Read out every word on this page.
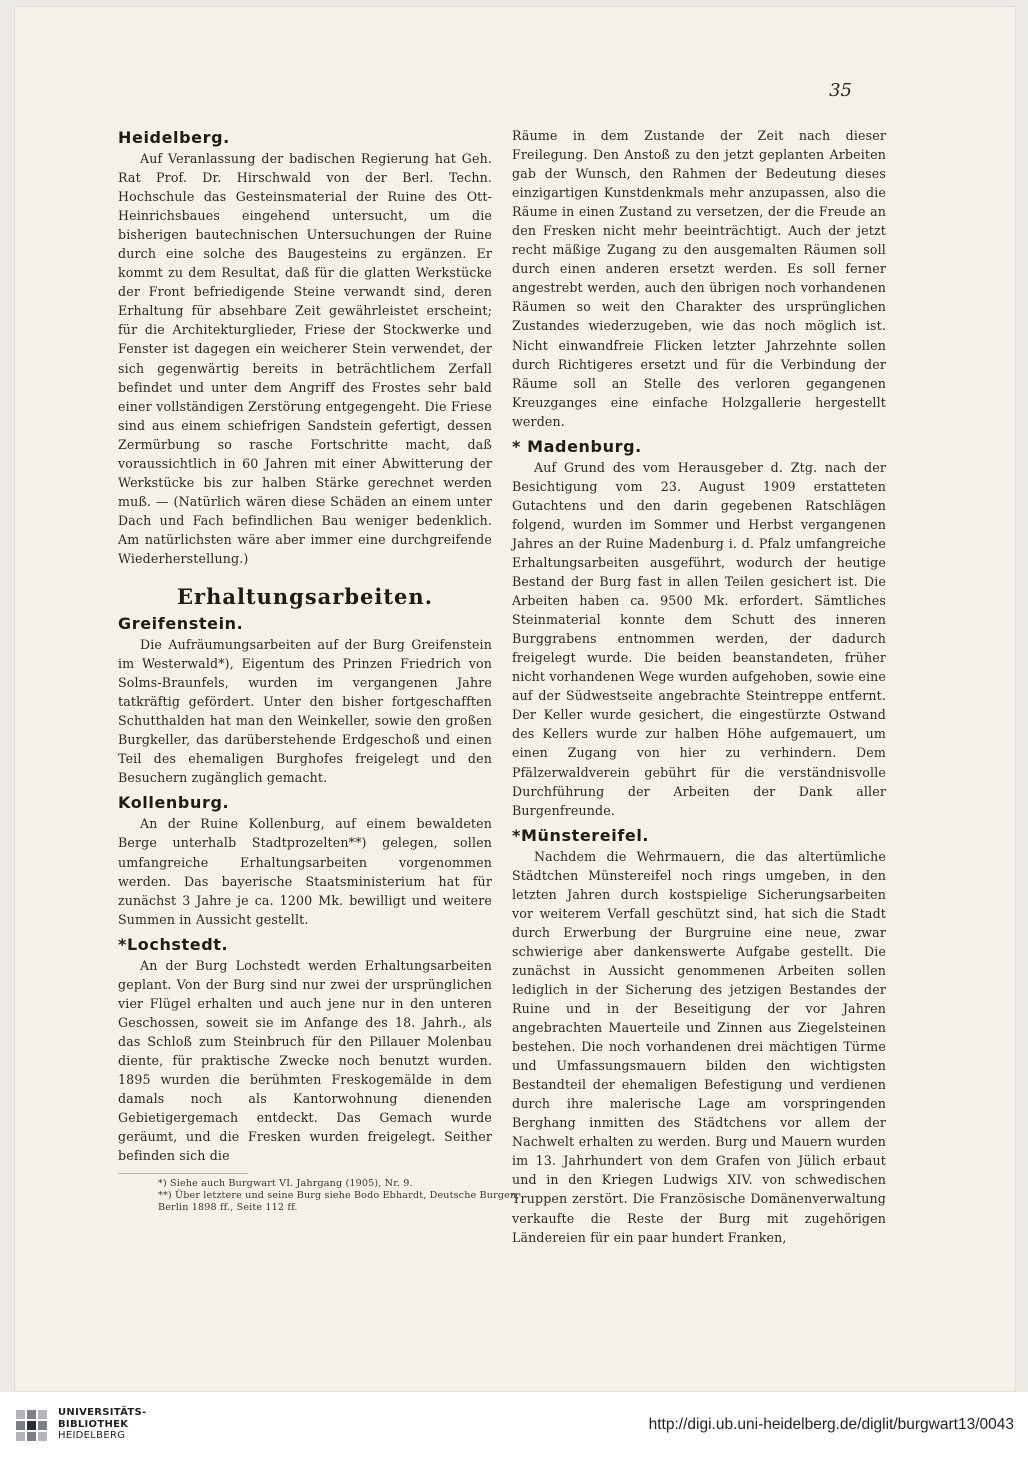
35
Heidelberg.

Auf Veranlassung der badischen Regierung hat Geh. Rat Prof. Dr. Hirschwald von der Berl. Techn. Hochschule das Gesteinsmaterial der Ruine des Ott-Heinrichsbaues eingehend untersucht, um die bisherigen bautechnischen Untersuchungen der Ruine durch eine solche des Baugesteins zu ergänzen. Er kommt zu dem Resultat, daß für die glatten Werkstücke der Front befriedigende Steine verwandt sind, deren Erhaltung für absehbare Zeit gewährleistet erscheint; für die Architekturglieder, Friese der Stockwerke und Fenster ist dagegen ein weicherer Stein verwendet, der sich gegenwärtig bereits in beträchtlichem Zerfall befindet und unter dem Angriff des Frostes sehr bald einer vollständigen Zerstörung entgegengeht. Die Friese sind aus einem schiefrigen Sandstein gefertigt, dessen Zermürbung so rasche Fortschritte macht, daß voraussichtlich in 60 Jahren mit einer Abwitterung der Werkstücke bis zur halben Stärke gerechnet werden muß. — (Natürlich wären diese Schäden an einem unter Dach und Fach befindlichen Bau weniger bedenklich. Am natürlichsten wäre aber immer eine durchgreifende Wiederherstellung.)

Erhaltungsarbeiten.
Greifenstein.

Die Aufräumungsarbeiten auf der Burg Greifenstein im Westerwald*), Eigentum des Prinzen Friedrich von Solms-Braunfels, wurden im vergangenen Jahre tatkräftig gefördert. Unter den bisher fortgeschafften Schutthalden hat man den Weinkeller, sowie den großen Burgkeller, das darüberstehende Erdgeschoß und einen Teil des ehemaligen Burghofes freigelegt und den Besuchern zugänglich gemacht.

Kollenburg.

An der Ruine Kollenburg, auf einem bewaldeten Berge unterhalb Stadtprozelten**) gelegen, sollen umfangreiche Erhaltungsarbeiten vorgenommen werden. Das bayerische Staatsministerium hat für zunächst 3 Jahre je ca. 1200 Mk. bewilligt und weitere Summen in Aussicht gestellt.

*Lochstedt.

An der Burg Lochstedt werden Erhaltungsarbeiten geplant. Von der Burg sind nur zwei der ursprünglichen vier Flügel erhalten und auch jene nur in den unteren Geschossen, soweit sie im Anfange des 18. Jahrh., als das Schloß zum Steinbruch für den Pillauer Molenbau diente, für praktische Zwecke noch benutzt wurden. 1895 wurden die berühmten Freskogemälde in dem damals noch als Kantorwohnung dienenden Gebietigergemach entdeckt. Das Gemach wurde geräumt, und die Fresken wurden freigelegt. Seither befinden sich die

*) Siehe auch Burgwart VI. Jahrgang (1905), Nr. 9.
**) Über letztere und seine Burg siehe Bodo Ebhardt, Deutsche Burgen, Berlin 1898 ff., Seite 112 ff.

Räume in dem Zustande der Zeit nach dieser Freilegung. Den Anstoß zu den jetzt geplanten Arbeiten gab der Wunsch, den Rahmen der Bedeutung dieses einzigartigen Kunstdenkmals mehr anzupassen, also die Räume in einen Zustand zu versetzen, der die Freude an den Fresken nicht mehr beeinträchtigt. Auch der jetzt recht mäßige Zugang zu den ausgemalten Räumen soll durch einen anderen ersetzt werden. Es soll ferner angestrebt werden, auch den übrigen noch vorhandenen Räumen so weit den Charakter des ursprünglichen Zustandes wiederzugeben, wie das noch möglich ist. Nicht einwandfreie Flicken letzter Jahrzehnte sollen durch Richtigeres ersetzt und für die Verbindung der Räume soll an Stelle des verloren gegangenen Kreuzganges eine einfache Holzgallerie hergestellt werden.

* Madenburg.

Auf Grund des vom Herausgeber d. Ztg. nach der Besichtigung vom 23. August 1909 erstatteten Gutachtens und den darin gegebenen Ratschlägen folgend, wurden im Sommer und Herbst vergangenen Jahres an der Ruine Madenburg i. d. Pfalz umfangreiche Erhaltungsarbeiten ausgeführt, wodurch der heutige Bestand der Burg fast in allen Teilen gesichert ist. Die Arbeiten haben ca. 9500 Mk. erfordert. Sämtliches Steinmaterial konnte dem Schutt des inneren Burggrabens entnommen werden, der dadurch freigelegt wurde. Die beiden beanstandeten, früher nicht vorhandenen Wege wurden aufgehoben, sowie eine auf der Südwestseite angebrachte Steintreppe entfernt. Der Keller wurde gesichert, die eingestürzte Ostwand des Kellers wurde zur halben Höhe aufgemauert, um einen Zugang von hier zu verhindern. Dem Pfälzerwaldverein gebührt für die verständnisvolle Durchführung der Arbeiten der Dank aller Burgenfreunde.

*Münstereifel.

Nachdem die Wehrmauern, die das altertümliche Städtchen Münstereifel noch rings umgeben, in den letzten Jahren durch kostspielige Sicherungsarbeiten vor weiterem Verfall geschützt sind, hat sich die Stadt durch Erwerbung der Burgruine eine neue, zwar schwierige aber dankenswerte Aufgabe gestellt. Die zunächst in Aussicht genommenen Arbeiten sollen lediglich in der Sicherung des jetzigen Bestandes der Ruine und in der Beseitigung der vor Jahren angebrachten Mauerteile und Zinnen aus Ziegelsteinen bestehen. Die noch vorhandenen drei mächtigen Türme und Umfassungsmauern bilden den wichtigsten Bestandteil der ehemaligen Befestigung und verdienen durch ihre malerische Lage am vorspringenden Berghang inmitten des Städtchens vor allem der Nachwelt erhalten zu werden. Burg und Mauern wurden im 13. Jahrhundert von dem Grafen von Jülich erbaut und in den Kriegen Ludwigs XIV. von schwedischen Truppen zerstört. Die Französische Domänenverwaltung verkaufte die Reste der Burg mit zugehörigen Ländereien für ein paar hundert Franken,

UNIVERSITÄTS-
BIBLIOTHEK
HEIDELBERG
http://digi.ub.uni-heidelberg.de/diglit/burgwart13/0043
